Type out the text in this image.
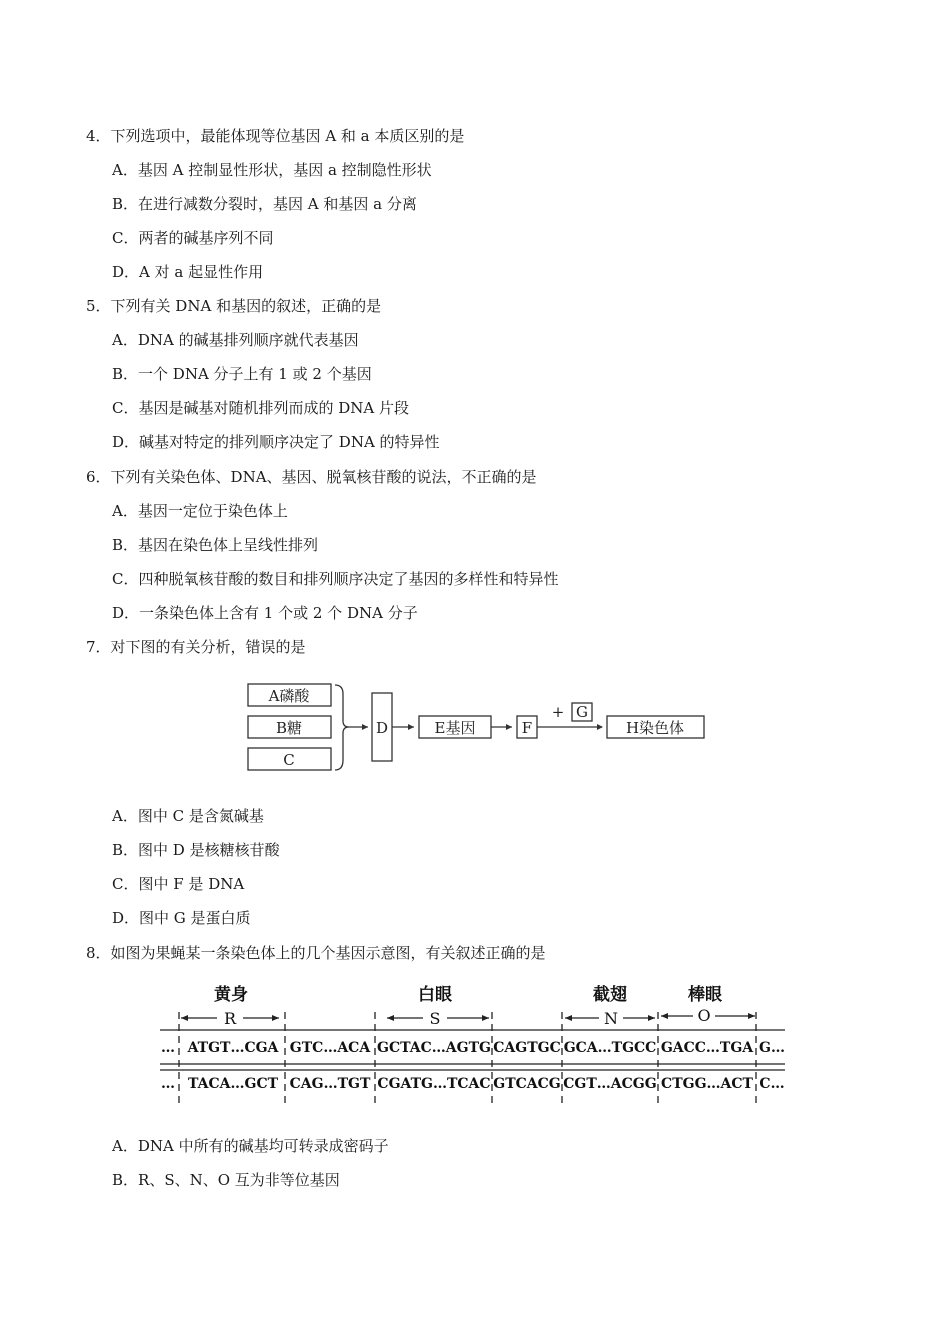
4．下列选项中，最能体现等位基因 A 和 a 本质区别的是
A．基因 A 控制显性形状，基因 a 控制隐性形状
B．在进行减数分裂时，基因 A 和基因 a 分离
C．两者的碱基序列不同
D．A 对 a 起显性作用
5．下列有关 DNA 和基因的叙述，正确的是
A．DNA 的碱基排列顺序就代表基因
B．一个 DNA 分子上有 1 或 2 个基因
C．基因是碱基对随机排列而成的 DNA 片段
D．碱基对特定的排列顺序决定了 DNA 的特异性
6．下列有关染色体、DNA、基因、脱氧核苷酸的说法，不正确的是
A．基因一定位于染色体上
B．基因在染色体上呈线性排列
C．四种脱氧核苷酸的数目和排列顺序决定了基因的多样性和特异性
D．一条染色体上含有 1 个或 2 个 DNA 分子
7．对下图的有关分析，错误的是
A磷酸
B糖
C
D	E基因	F
+ G
H染色体
A．图中 C 是含氮碱基
B．图中 D 是核糖核苷酸
C．图中 F 是 DNA
D．图中 G 是蛋白质
8．如图为果蝇某一条染色体上的几个基因示意图，有关叙述正确的是
黄身	白眼	截翅	棒眼
R	S	N	O
… ATGT…CGA GTC…ACA GCTAC…AGTG CAGTGC GCA…TGCC GACC…TGA G…
… TACA…GCT CAG…TGT CGATG…TCAC GTCACG CGT…ACGG CTGG…ACT C…
A．DNA 中所有的碱基均可转录成密码子
B．R、S、N、O 互为非等位基因
